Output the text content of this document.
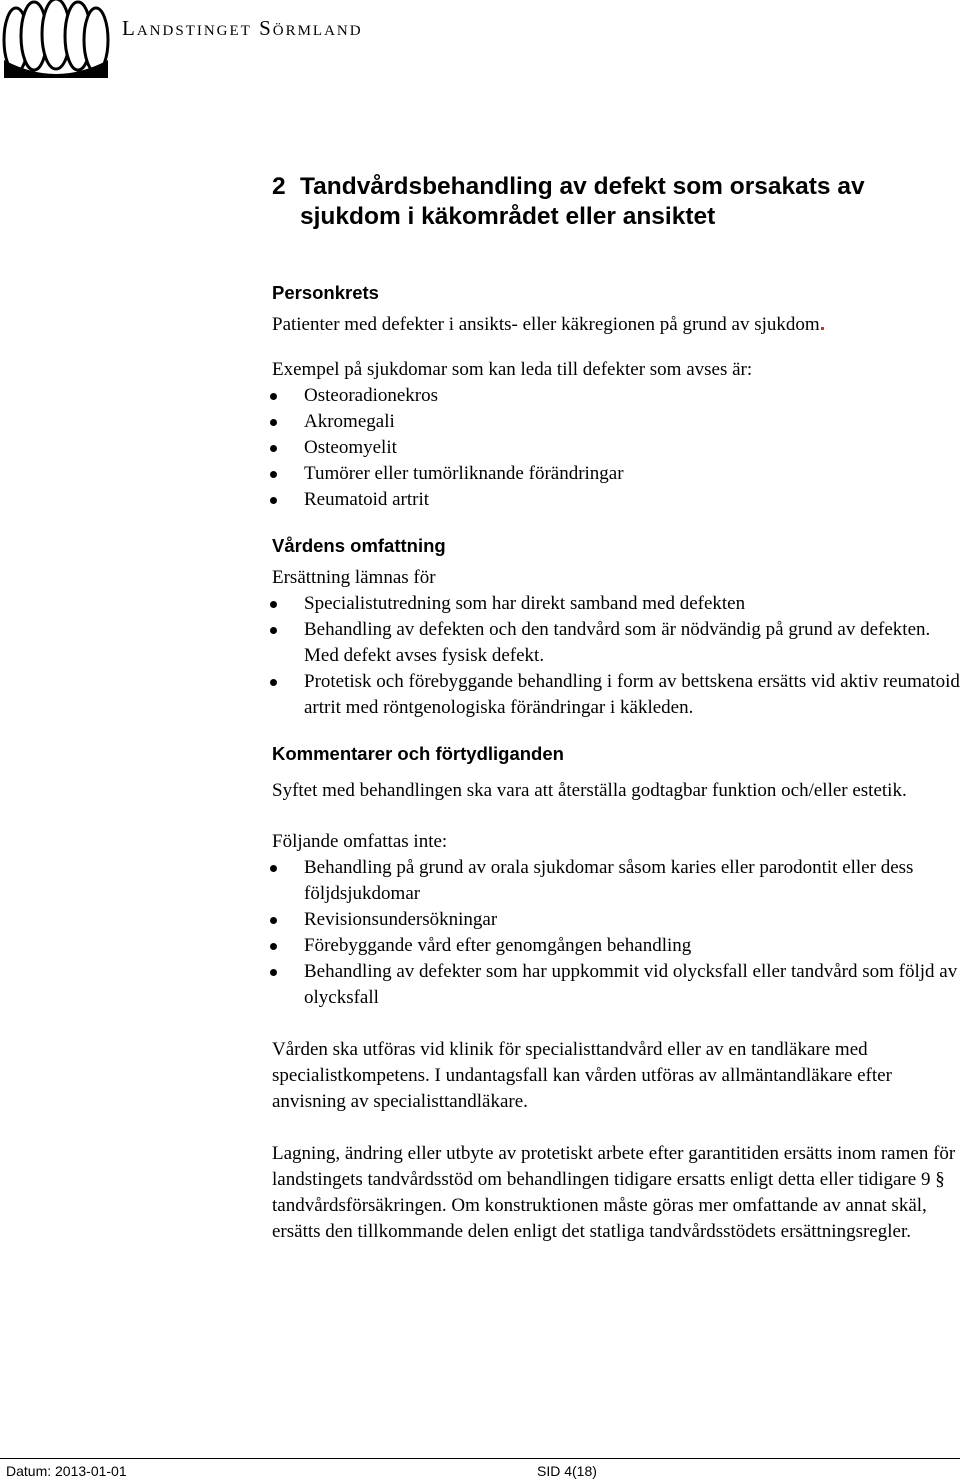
Landstinget Sörmland
2 Tandvårdsbehandling av defekt som orsakats av sjukdom i käkområdet eller ansiktet
Personkrets

Patienter med defekter i ansikts- eller käkregionen på grund av sjukdom

Exempel på sjukdomar som kan leda till defekter som avses är:

Osteoradionekros
Akromegali
Osteomyelit
Tumörer eller tumörliknande förändringar
Reumatoid artrit
Vårdens omfattning

Ersättning lämnas för

Specialistutredning som har direkt samband med defekten
Behandling av defekten och den tandvård som är nödvändig på grund av defekten. Med defekt avses fysisk defekt.
Protetisk och förebyggande behandling i form av bettskena ersätts vid aktiv reumatoid artrit med röntgenologiska förändringar i käkleden.
Kommentarer och förtydliganden

Syftet med behandlingen ska vara att återställa godtagbar funktion och/eller estetik.

Följande omfattas inte:

Behandling på grund av orala sjukdomar såsom karies eller parodontit eller dess följdsjukdomar
Revisionsundersökningar
Förebyggande vård efter genomgången behandling
Behandling av defekter som har uppkommit vid olycksfall eller tandvård som följd av olycksfall

Vården ska utföras vid klinik för specialisttandvård eller av en tandläkare med specialistkompetens. I undantagsfall kan vården utföras av allmäntandläkare efter anvisning av specialisttandläkare.

Lagning, ändring eller utbyte av protetiskt arbete efter garantitiden ersätts inom ramen för landstingets tandvårdsstöd om behandlingen tidigare ersatts enligt detta eller tidigare 9 § tandvårdsförsäkringen. Om konstruktionen måste göras mer omfattande av annat skäl, ersätts den tillkommande delen enligt det statliga tandvårdsstödets ersättningsregler.

Datum: 2013-01-01	SID 4(18)
